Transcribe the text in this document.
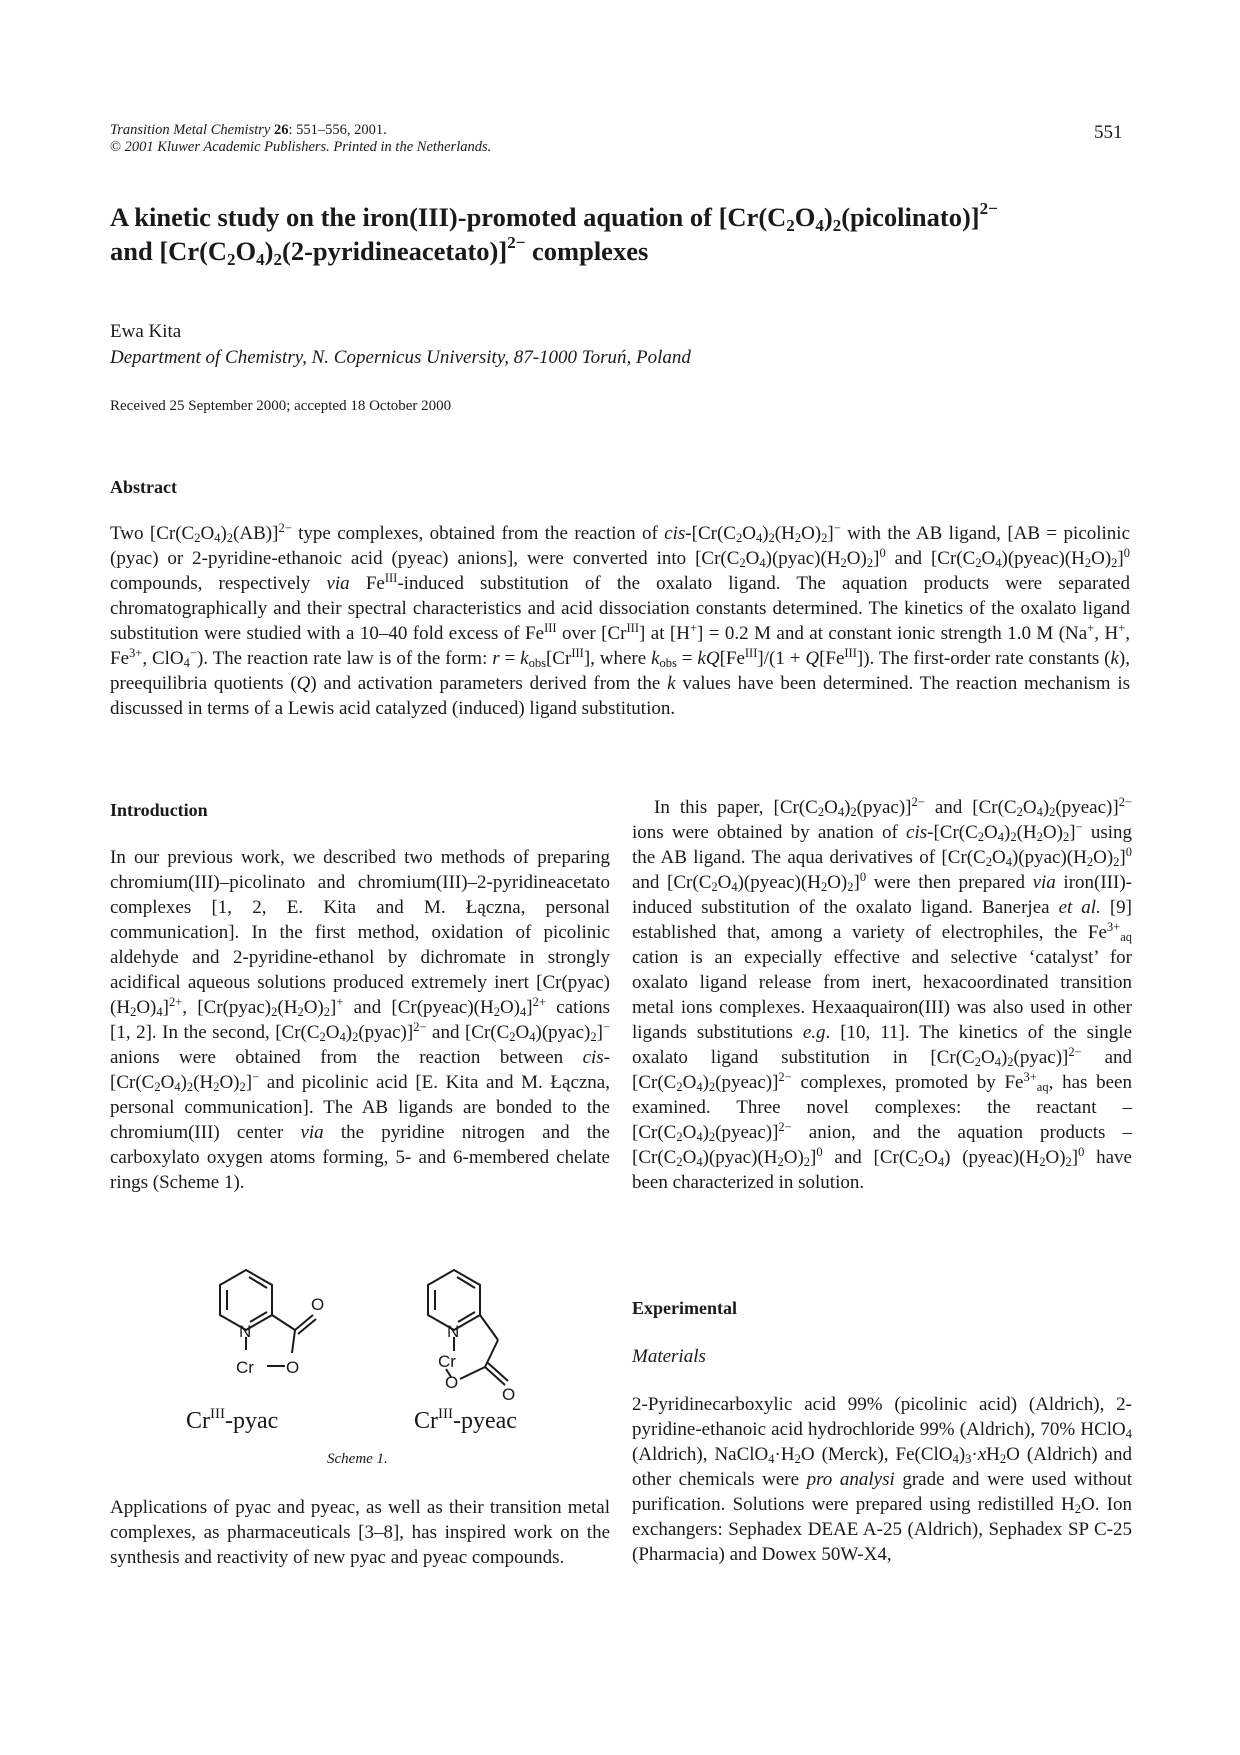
Transition Metal Chemistry 26: 551–556, 2001.
© 2001 Kluwer Academic Publishers. Printed in the Netherlands.
551
A kinetic study on the iron(III)-promoted aquation of $[Cr(C_2O_4)_2(picolinato)]^{2-}$
and $[Cr(C_2O_4)_2(2-pyridineacetato)]^{2-}$ complexes
Ewa Kita
Department of Chemistry, N. Copernicus University, 87-1000 Toruń, Poland
Received 25 September 2000; accepted 18 October 2000
Abstract
Two $[Cr(C_2O_4)_2(AB)]^{2-}$ type complexes, obtained from the reaction of cis-$[Cr(C_2O_4)_2(H_2O)_2]^-$ with the AB ligand, [AB = picolinic (pyac) or 2-pyridine-ethanoic acid (pyeac) anions], were converted into $[Cr(C_2O_4)(pyac)(H_2O)_2]^0$ and $[Cr(C_2O_4)(pyeac)(H_2O)_2]^0$ compounds, respectively via $Fe^{III}$-induced substitution of the oxalato ligand. The aquation products were separated chromatographically and their spectral characteristics and acid dissociation constants determined. The kinetics of the oxalato ligand substitution were studied with a 10–40 fold excess of $Fe^{III}$ over $[Cr^{III}]$ at [H+] = 0.2 M and at constant ionic strength 1.0 M (Na+, H+, $Fe^{3+}$, ClO$_4$−). The reaction rate law is of the form: $r = k_{obs}[Cr^{III}]$, where $k_{obs} = kQ[Fe^{III}]/(1 + Q[Fe^{III}])$. The first-order rate constants (k), preequilibria quotients (Q) and activation parameters derived from the k values have been determined. The reaction mechanism is discussed in terms of a Lewis acid catalyzed (induced) ligand substitution.
Introduction
In our previous work, we described two methods of preparing chromium(III)–picolinato and chromium(III)–2-pyridineacetato complexes [1, 2, E. Kita and M. Łączna, personal communication]. In the first method, oxidation of picolinic aldehyde and 2-pyridine-ethanol by dichromate in strongly acidifical aqueous solutions produced extremely inert $[Cr(pyac)(H_2O)_4]^{2+}$, $[Cr(pyac)_2(H_2O)_2]^+$ and $[Cr(pyeac)(H_2O)_4]^{2+}$ cations [1, 2]. In the second, $[Cr(C_2O_4)_2(pyac)]^{2-}$ and $[Cr(C_2O_4)(pyac)_2]^-$ anions were obtained from the reaction between cis-$[Cr(C_2O_4)_2(H_2O)_2]^-$ and picolinic acid [E. Kita and M. Łączna, personal communication]. The AB ligands are bonded to the chromium(III) center via the pyridine nitrogen and the carboxylato oxygen atoms forming, 5- and 6-membered chelate rings (Scheme 1).
N
O
O
Cr
N
O
O
Cr
$Cr^{III}$-pyac	$Cr^{III}$-pyeac
Scheme 1.
Applications of pyac and pyeac, as well as their transition metal complexes, as pharmaceuticals [3–8], has inspired work on the synthesis and reactivity of new pyac and pyeac compounds.
In this paper, $[Cr(C_2O_4)_2(pyac)]^{2-}$ and $[Cr(C_2O_4)_2(pyeac)]^{2-}$ ions were obtained by anation of cis-$[Cr(C_2O_4)_2(H_2O)_2]^-$ using the AB ligand. The aqua derivatives of $[Cr(C_2O_4)(pyac)(H_2O)_2]^0$ and $[Cr(C_2O_4)(pyeac)(H_2O)_2]^0$ were then prepared via iron(III)-induced substitution of the oxalato ligand. Banerjea et al. [9] established that, among a variety of electrophiles, the $Fe^{3+}_{aq}$ cation is an expecially effective and selective ‘catalyst’ for oxalato ligand release from inert, hexacoordinated transition metal ions complexes. Hexaaquairon(III) was also used in other ligands substitutions e.g. [10, 11]. The kinetics of the single oxalato ligand substitution in $[Cr(C_2O_4)_2(pyac)]^{2-}$ and $[Cr(C_2O_4)_2(pyeac)]^{2-}$ complexes, promoted by $Fe^{3+}_{aq}$, has been examined. Three novel complexes: the reactant – $[Cr(C_2O_4)_2(pyeac)]^{2-}$ anion, and the aquation products – $[Cr(C_2O_4)(pyac)(H_2O)_2]^0$ and [$Cr(C_2O_4)$ $(pyeac)(H_2O)_2]^0$ have been characterized in solution.
Experimental
Materials
2-Pyridinecarboxylic acid 99% (picolinic acid) (Aldrich), 2-pyridine-ethanoic acid hydrochloride 99% (Aldrich), 70% HClO$_4$ (Aldrich), $NaClO_4\cdot H_2O$ (Merck), $Fe(ClO_4)_3\cdot xH_2O$ (Aldrich) and other chemicals were pro analysi grade and were used without purification. Solutions were prepared using redistilled $H_2O$. Ion exchangers: Sephadex DEAE A-25 (Aldrich), Sephadex SP C-25 (Pharmacia) and Dowex 50W-X4,
